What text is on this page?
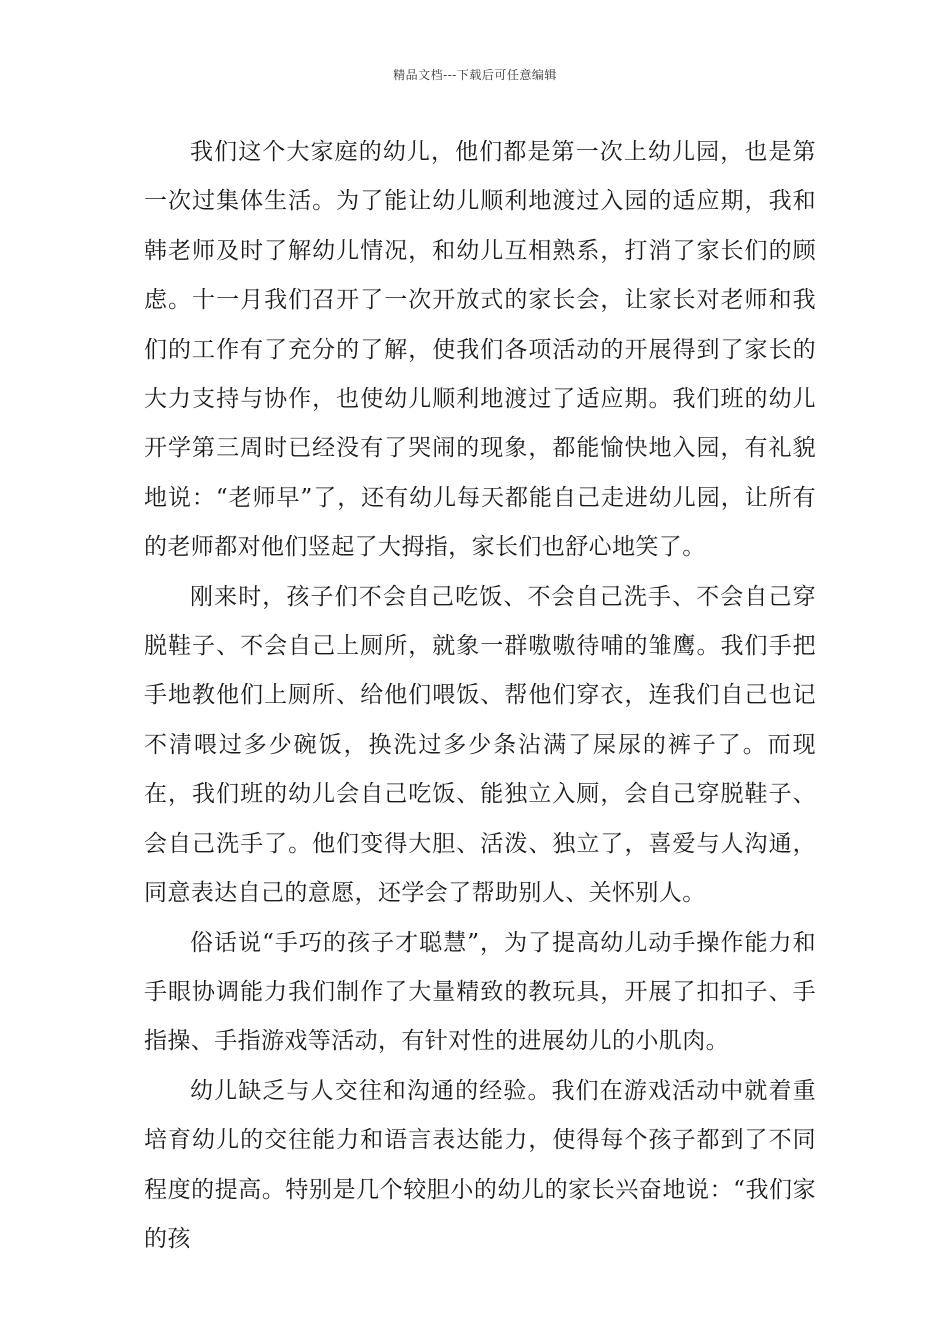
精品文档---下载后可任意编辑

我们这个大家庭的幼儿，他们都是第一次上幼儿园，也是第一次过集体生活。为了能让幼儿顺利地渡过入园的适应期，我和韩老师及时了解幼儿情况，和幼儿互相熟系，打消了家长们的顾虑。十一月我们召开了一次开放式的家长会，让家长对老师和我们的工作有了充分的了解，使我们各项活动的开展得到了家长的大力支持与协作，也使幼儿顺利地渡过了适应期。我们班的幼儿开学第三周时已经没有了哭闹的现象，都能愉快地入园，有礼貌地说：“老师早”了，还有幼儿每天都能自己走进幼儿园，让所有的老师都对他们竖起了大拇指，家长们也舒心地笑了。

刚来时，孩子们不会自己吃饭、不会自己洗手、不会自己穿脱鞋子、不会自己上厕所，就象一群嗷嗷待哺的雏鹰。我们手把手地教他们上厕所、给他们喂饭、帮他们穿衣，连我们自己也记不清喂过多少碗饭，换洗过多少条沾满了屎尿的裤子了。而现在，我们班的幼儿会自己吃饭、能独立入厕，会自己穿脱鞋子、会自己洗手了。他们变得大胆、活泼、独立了，喜爱与人沟通，同意表达自己的意愿，还学会了帮助别人、关怀别人。

俗话说“手巧的孩子才聪慧”，为了提高幼儿动手操作能力和手眼协调能力我们制作了大量精致的教玩具，开展了扣扣子、手指操、手指游戏等活动，有针对性的进展幼儿的小肌肉。

幼儿缺乏与人交往和沟通的经验。我们在游戏活动中就着重培育幼儿的交往能力和语言表达能力，使得每个孩子都到了不同程度的提高。特别是几个较胆小的幼儿的家长兴奋地说：“我们家的孩
